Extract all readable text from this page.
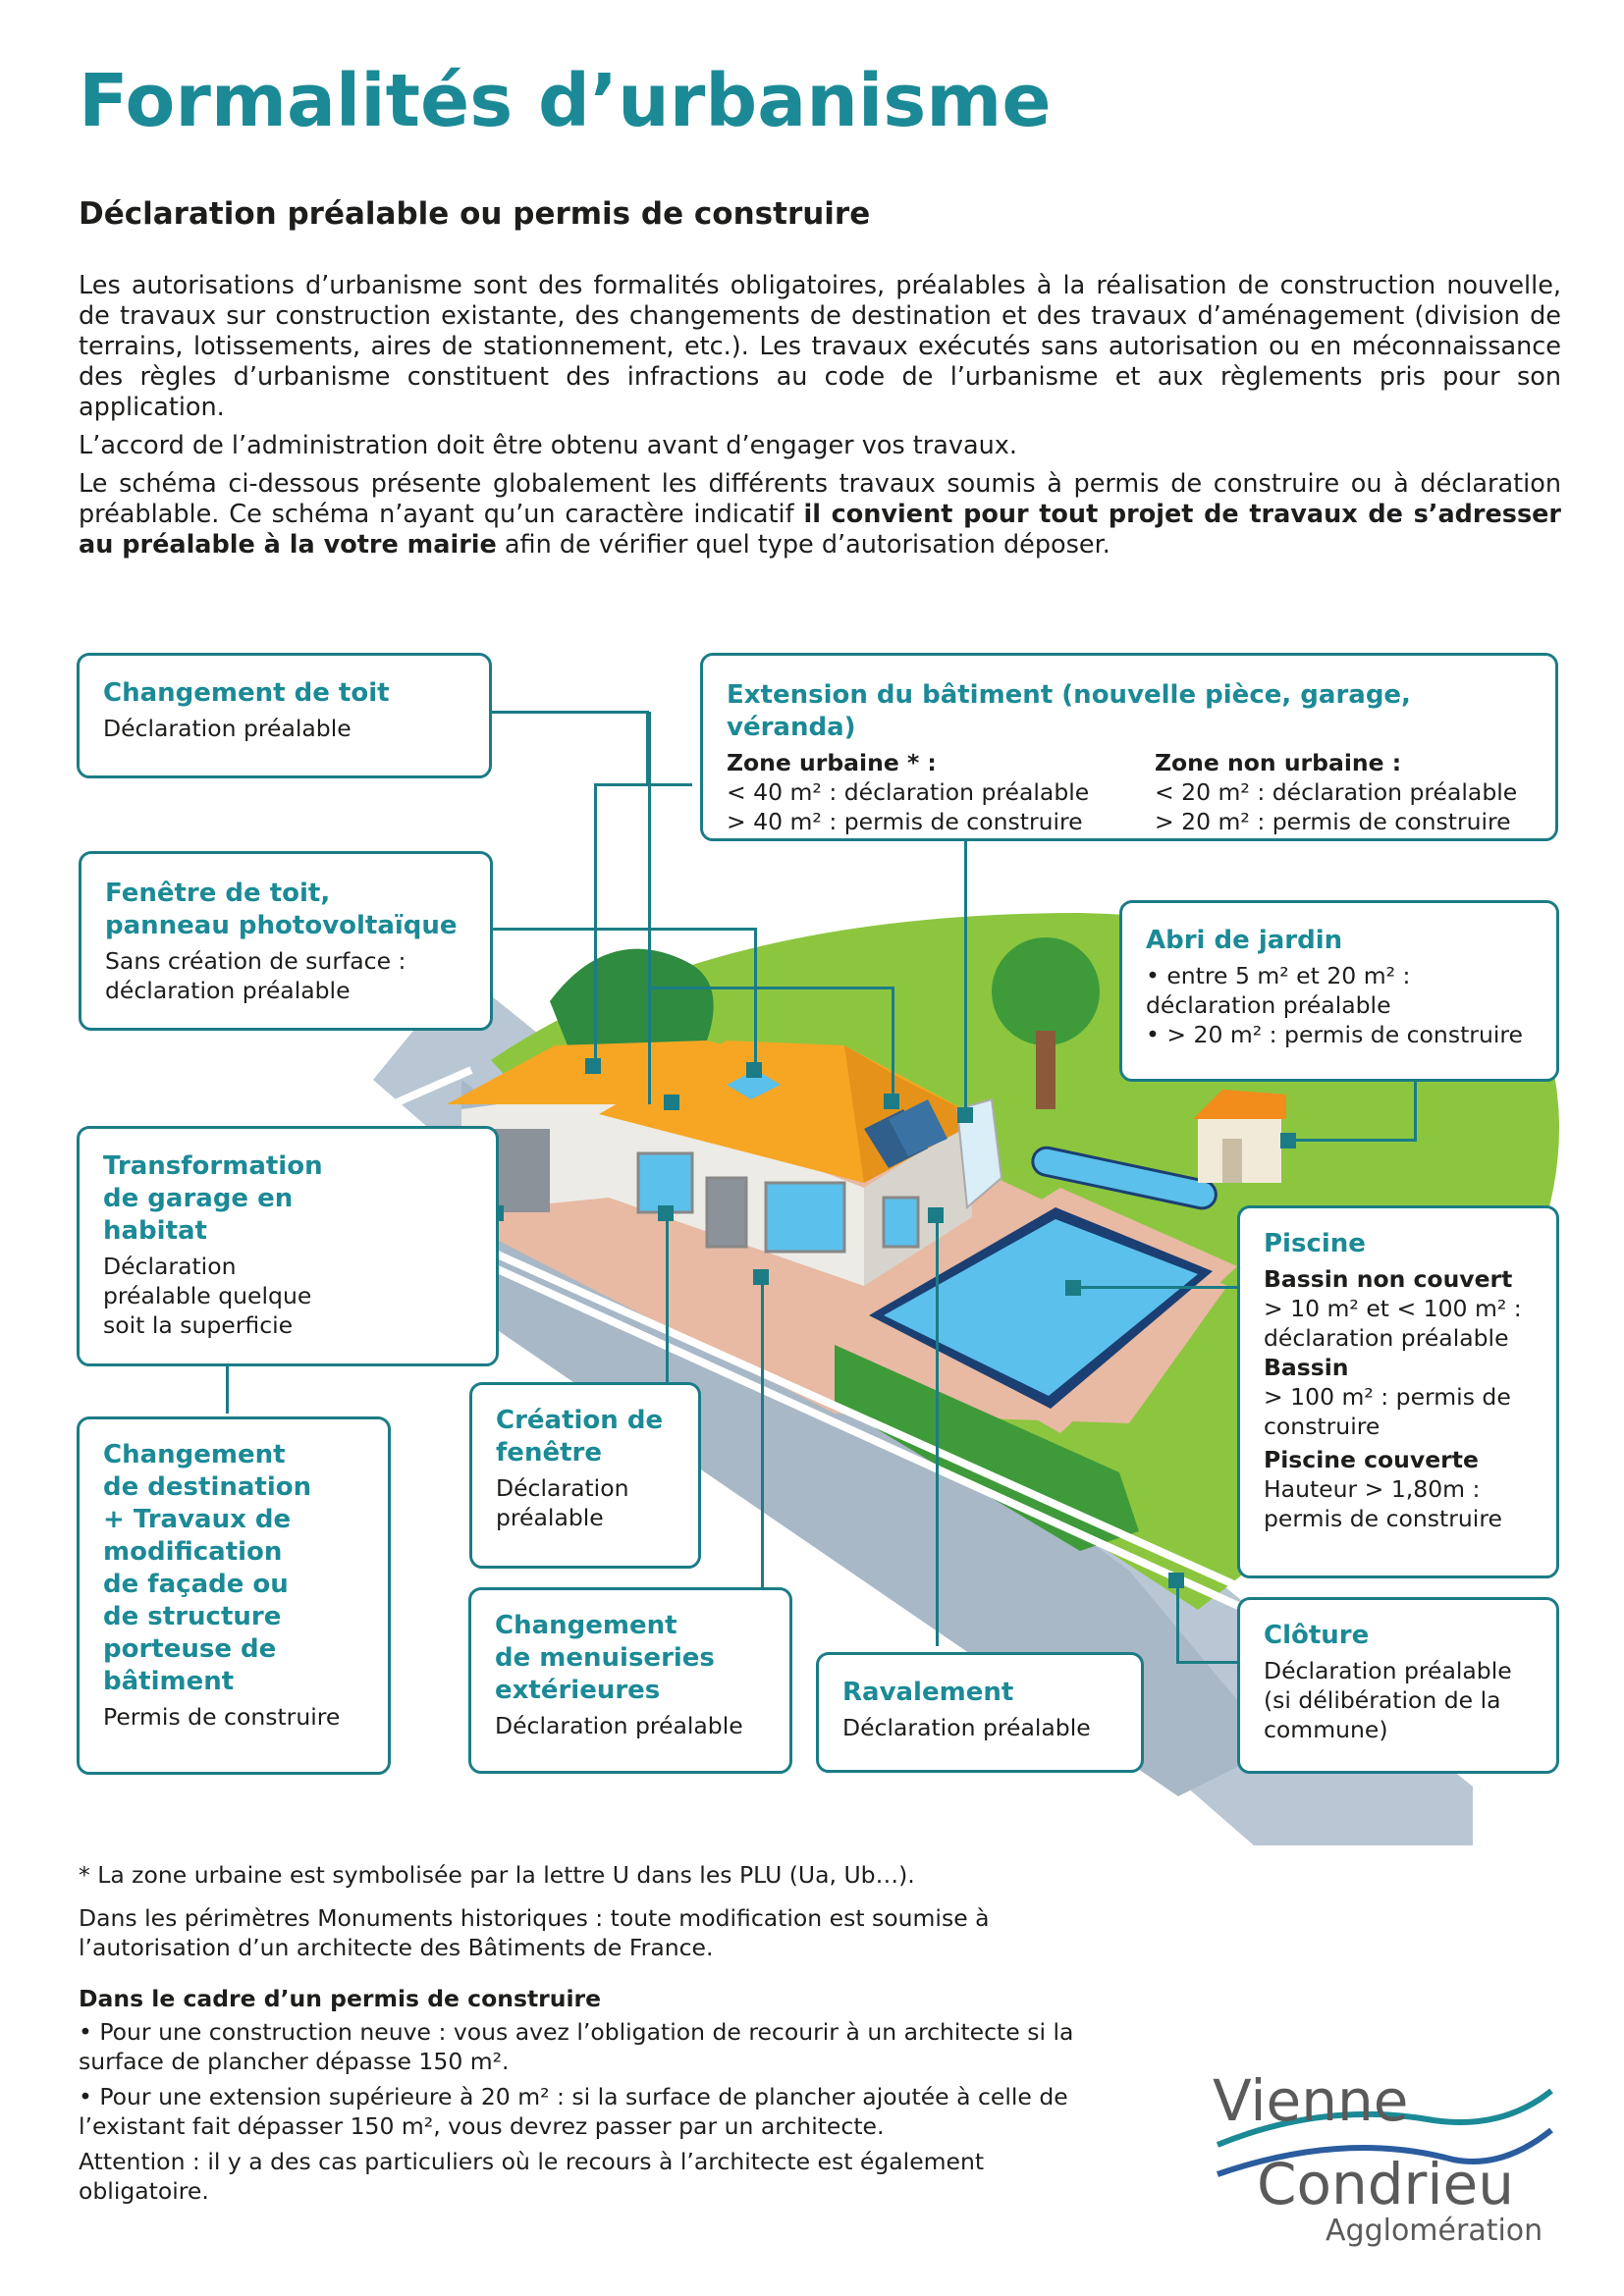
Formalités d’urbanisme
Déclaration préalable ou permis de construire

Les autorisations d’urbanisme sont des formalités obligatoires, préalables à la réalisation de construction nouvelle, de travaux sur construction existante, des changements de destination et des travaux d’aménagement (division de terrains, lotissements, aires de stationnement, etc.). Les travaux exécutés sans autorisation ou en méconnaissance des règles d’urbanisme constituent des infractions au code de l’urbanisme et aux règlements pris pour son application.

L’accord de l’administration doit être obtenu avant d’engager vos travaux.

Le schéma ci-dessous présente globalement les différents travaux soumis à permis de construire ou à déclaration préablable. Ce schéma n’ayant qu’un caractère indicatif il convient pour tout projet de travaux de s’adresser au préalable à la votre mairie afin de vérifier quel type d’autorisation déposer.

Changement de toit
Déclaration préalable
Extension du bâtiment (nouvelle pièce, garage, véranda)
Zone urbaine * :
< 40 m² : déclaration préalable
> 40 m² : permis de construire
Zone non urbaine :
< 20 m² : déclaration préalable
> 20 m² : permis de construire
Fenêtre de toit,
panneau photovoltaïque
Sans création de surface :
déclaration préalable
Abri de jardin
• entre 5 m² et 20 m² :
déclaration préalable
• > 20 m² : permis de construire
Transformation
de garage en
habitat
Déclaration
préalable quelque
soit la superficie
Piscine
Bassin non couvert
> 10 m² et < 100 m² :
déclaration préalable
Bassin
> 100 m² : permis de
construire
Piscine couverte
Hauteur > 1,80m :
permis de construire
Changement
de destination
+ Travaux de
modification
de façade ou
de structure
porteuse de
bâtiment
Permis de construire
Création de
fenêtre
Déclaration
préalable
Changement
de menuiseries
extérieures
Déclaration préalable
Ravalement
Déclaration préalable
Clôture
Déclaration préalable
(si délibération de la
commune)

* La zone urbaine est symbolisée par la lettre U dans les PLU (Ua, Ub…).

Dans les périmètres Monuments historiques : toute modification est soumise à l’autorisation d’un architecte des Bâtiments de France.

Dans le cadre d’un permis de construire

• Pour une construction neuve : vous avez l’obligation de recourir à un architecte si la surface de plancher dépasse 150 m².

• Pour une extension supérieure à 20 m² : si la surface de plancher ajoutée à celle de l’existant fait dépasser 150 m², vous devrez passer par un architecte.

Attention : il y a des cas particuliers où le recours à l’architecte est également obligatoire.

Vienne
Condrieu
Agglomération
